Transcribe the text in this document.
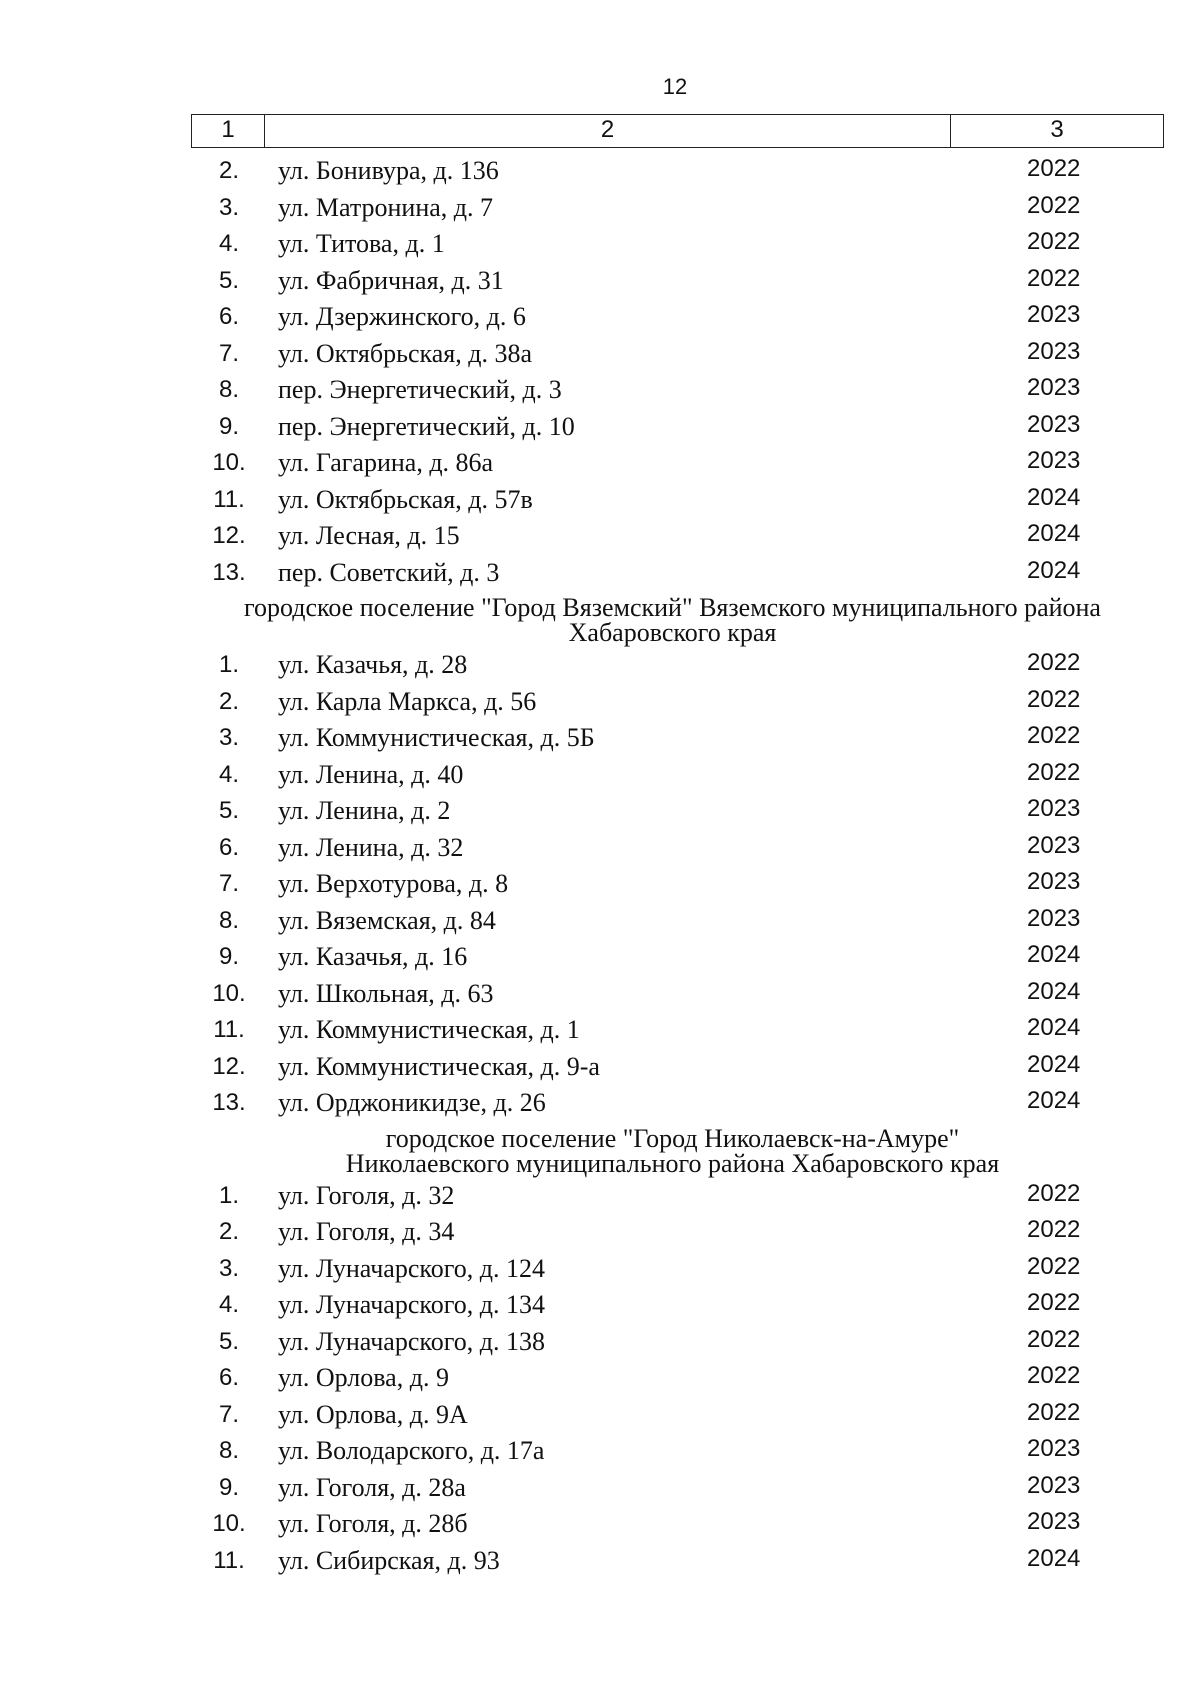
12
1	2	3
2.	ул. Бонивура, д. 136	2022
3.	ул. Матронина, д. 7	2022
4.	ул. Титова, д. 1	2022
5.	ул. Фабричная, д. 31	2022
6.	ул. Дзержинского, д. 6	2023
7.	ул. Октябрьская, д. 38а	2023
8.	пер. Энергетический, д. 3	2023
9.	пер. Энергетический, д. 10	2023
10. ул. Гагарина, д. 86а	2023
11.	ул. Октябрьская, д. 57в	2024
12. ул. Лесная, д. 15	2024
13. пер. Советский, д. 3	2024
городское поселение "Город Вяземский" Вяземского муниципального района
Хабаровского края
1.	ул. Казачья, д. 28	2022
2.	ул. Карла Маркса, д. 56	2022
3.	ул. Коммунистическая, д. 5Б	2022
4.	ул. Ленина, д. 40	2022
5.	ул. Ленина, д. 2	2023
6.	ул. Ленина, д. 32	2023
7.	ул. Верхотурова, д. 8	2023
8.	ул. Вяземская, д. 84	2023
9.	ул. Казачья, д. 16	2024
10. ул. Школьная, д. 63	2024
11.	ул. Коммунистическая, д. 1	2024
12. ул. Коммунистическая, д. 9-а	2024
13. ул. Орджоникидзе, д. 26	2024
городское поселение "Город Николаевск-на-Амуре"
Николаевского муниципального района Хабаровского края
1.	ул. Гоголя, д. 32	2022
2.	ул. Гоголя, д. 34	2022
3.	ул. Луначарского, д. 124	2022
4.	ул. Луначарского, д. 134	2022
5.	ул. Луначарского, д. 138	2022
6.	ул. Орлова, д. 9	2022
7.	ул. Орлова, д. 9А	2022
8.	ул. Володарского, д. 17а	2023
9.	ул. Гоголя, д. 28а	2023
10. ул. Гоголя, д. 28б	2023
11.	ул. Сибирская, д. 93	2024
